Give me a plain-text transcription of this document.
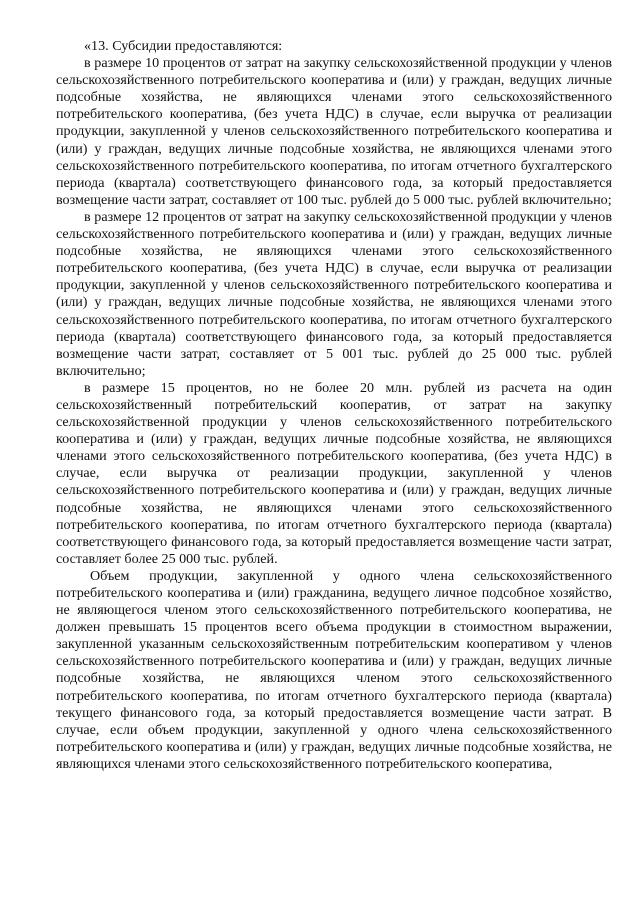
«13. Субсидии предоставляются:

в размере 10 процентов от затрат на закупку сельскохозяйственной продукции у членов сельскохозяйственного потребительского кооператива и (или) у граждан, ведущих личные подсобные хозяйства, не являющихся членами этого сельскохозяйственного потребительского кооператива, (без учета НДС) в случае, если выручка от реализации продукции, закупленной у членов сельскохозяйственного потребительского кооператива и (или) у граждан, ведущих личные подсобные хозяйства, не являющихся членами этого сельскохозяйственного потребительского кооператива, по итогам отчетного бухгалтерского периода (квартала) соответствующего финансового года, за который предоставляется возмещение части затрат, составляет от 100 тыс. рублей до 5 000 тыс. рублей включительно;

в размере 12 процентов от затрат на закупку сельскохозяйственной продукции у членов сельскохозяйственного потребительского кооператива и (или) у граждан, ведущих личные подсобные хозяйства, не являющихся членами этого сельскохозяйственного потребительского кооператива, (без учета НДС) в случае, если выручка от реализации продукции, закупленной у членов сельскохозяйственного потребительского кооператива и (или) у граждан, ведущих личные подсобные хозяйства, не являющихся членами этого сельскохозяйственного потребительского кооператива, по итогам отчетного бухгалтерского периода (квартала) соответствующего финансового года, за который предоставляется возмещение части затрат, составляет от 5 001 тыс. рублей до 25 000 тыс. рублей включительно;

в размере 15 процентов, но не более 20 млн. рублей из расчета на один сельскохозяйственный потребительский кооператив, от затрат на закупку сельскохозяйственной продукции у членов сельскохозяйственного потребительского кооператива и (или) у граждан, ведущих личные подсобные хозяйства, не являющихся членами этого сельскохозяйственного потребительского кооператива, (без учета НДС) в случае, если выручка от реализации продукции, закупленной у членов сельскохозяйственного потребительского кооператива и (или) у граждан, ведущих личные подсобные хозяйства, не являющихся членами этого сельскохозяйственного потребительского кооператива, по итогам отчетного бухгалтерского периода (квартала) соответствующего финансового года, за который предоставляется возмещение части затрат, составляет более 25 000 тыс. рублей.

Объем продукции, закупленной у одного члена сельскохозяйственного потребительского кооператива и (или) гражданина, ведущего личное подсобное хозяйство, не являющегося членом этого сельскохозяйственного потребительского кооператива, не должен превышать 15 процентов всего объема продукции в стоимостном выражении, закупленной указанным сельскохозяйственным потребительским кооперативом у членов сельскохозяйственного потребительского кооператива и (или) у граждан, ведущих личные подсобные хозяйства, не являющихся членом этого сельскохозяйственного потребительского кооператива, по итогам отчетного бухгалтерского периода (квартала) текущего финансового года, за который предоставляется возмещение части затрат. В случае, если объем продукции, закупленной у одного члена сельскохозяйственного потребительского кооператива и (или) у граждан, ведущих личные подсобные хозяйства, не являющихся членами этого сельскохозяйственного потребительского кооператива,
